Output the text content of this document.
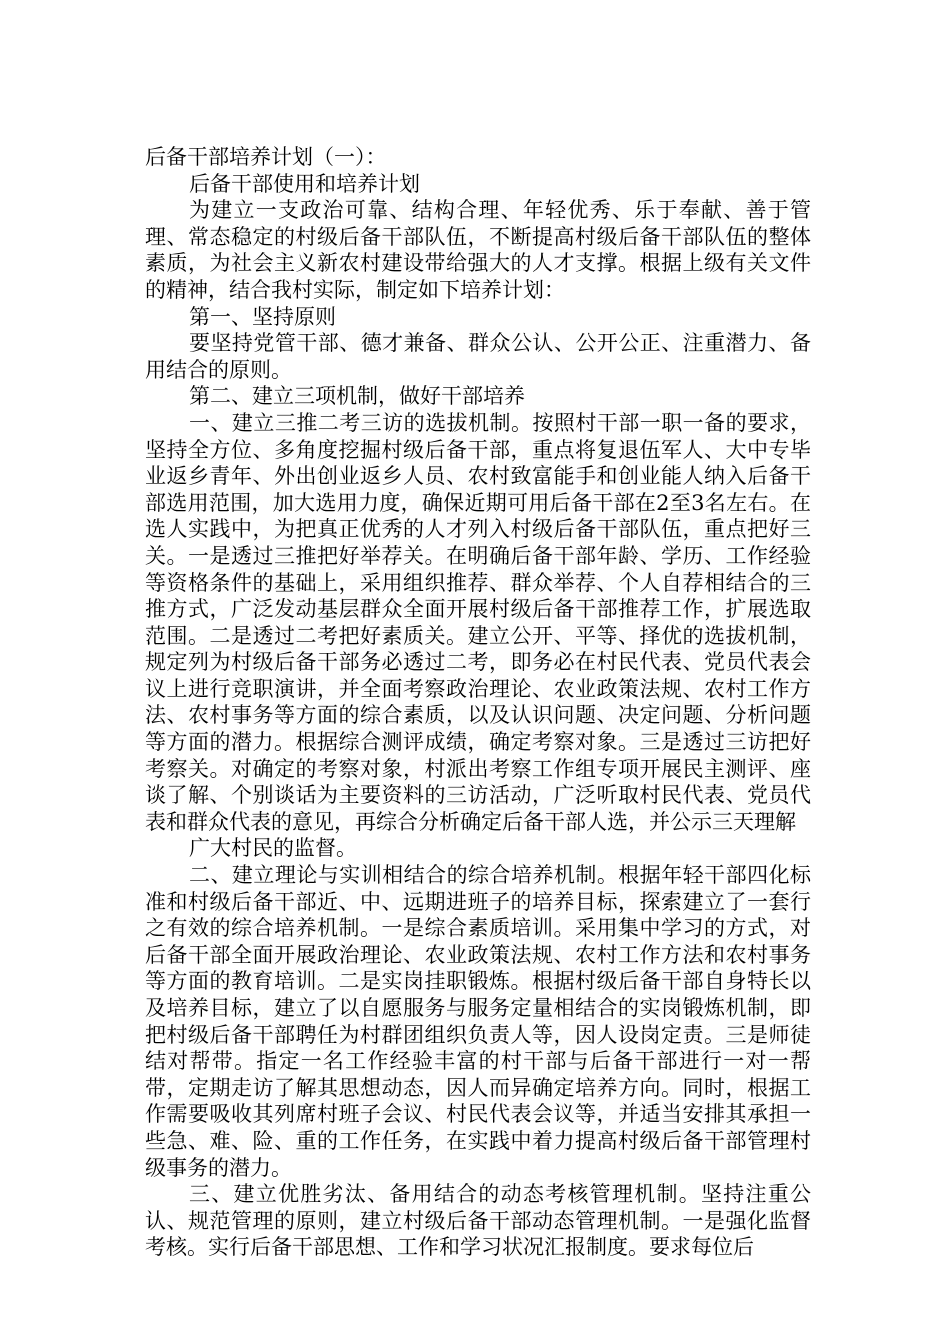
后备干部培养计划（一）：

后备干部使用和培养计划

为建立一支政治可靠、结构合理、年轻优秀、乐于奉献、善于管理、常态稳定的村级后备干部队伍，不断提高村级后备干部队伍的整体素质，为社会主义新农村建设带给强大的人才支撑。根据上级有关文件的精神，结合我村实际，制定如下培养计划：

第一、坚持原则

要坚持党管干部、德才兼备、群众公认、公开公正、注重潜力、备用结合的原则。

第二、建立三项机制，做好干部培养

一、建立三推二考三访的选拔机制。按照村干部一职一备的要求，坚持全方位、多角度挖掘村级后备干部，重点将复退伍军人、大中专毕业返乡青年、外出创业返乡人员、农村致富能手和创业能人纳入后备干部选用范围，加大选用力度，确保近期可用后备干部在2至3名左右。在选人实践中，为把真正优秀的人才列入村级后备干部队伍，重点把好三关。一是透过三推把好举荐关。在明确后备干部年龄、学历、工作经验等资格条件的基础上，采用组织推荐、群众举荐、个人自荐相结合的三推方式，广泛发动基层群众全面开展村级后备干部推荐工作，扩展选取范围。二是透过二考把好素质关。建立公开、平等、择优的选拔机制，规定列为村级后备干部务必透过二考，即务必在村民代表、党员代表会议上进行竞职演讲，并全面考察政治理论、农业政策法规、农村工作方法、农村事务等方面的综合素质，以及认识问题、决定问题、分析问题等方面的潜力。根据综合测评成绩，确定考察对象。三是透过三访把好考察关。对确定的考察对象，村派出考察工作组专项开展民主测评、座谈了解、个别谈话为主要资料的三访活动，广泛听取村民代表、党员代表和群众代表的意见，再综合分析确定后备干部人选，并公示三天理解

广大村民的监督。

二、建立理论与实训相结合的综合培养机制。根据年轻干部四化标准和村级后备干部近、中、远期进班子的培养目标，探索建立了一套行之有效的综合培养机制。一是综合素质培训。采用集中学习的方式，对后备干部全面开展政治理论、农业政策法规、农村工作方法和农村事务等方面的教育培训。二是实岗挂职锻炼。根据村级后备干部自身特长以及培养目标，建立了以自愿服务与服务定量相结合的实岗锻炼机制，即把村级后备干部聘任为村群团组织负责人等，因人设岗定责。三是师徒结对帮带。指定一名工作经验丰富的村干部与后备干部进行一对一帮带，定期走访了解其思想动态，因人而异确定培养方向。同时，根据工作需要吸收其列席村班子会议、村民代表会议等，并适当安排其承担一些急、难、险、重的工作任务，在实践中着力提高村级后备干部管理村级事务的潜力。

三、建立优胜劣汰、备用结合的动态考核管理机制。坚持注重公认、规范管理的原则，建立村级后备干部动态管理机制。一是强化监督考核。实行后备干部思想、工作和学习状况汇报制度。要求每位后
